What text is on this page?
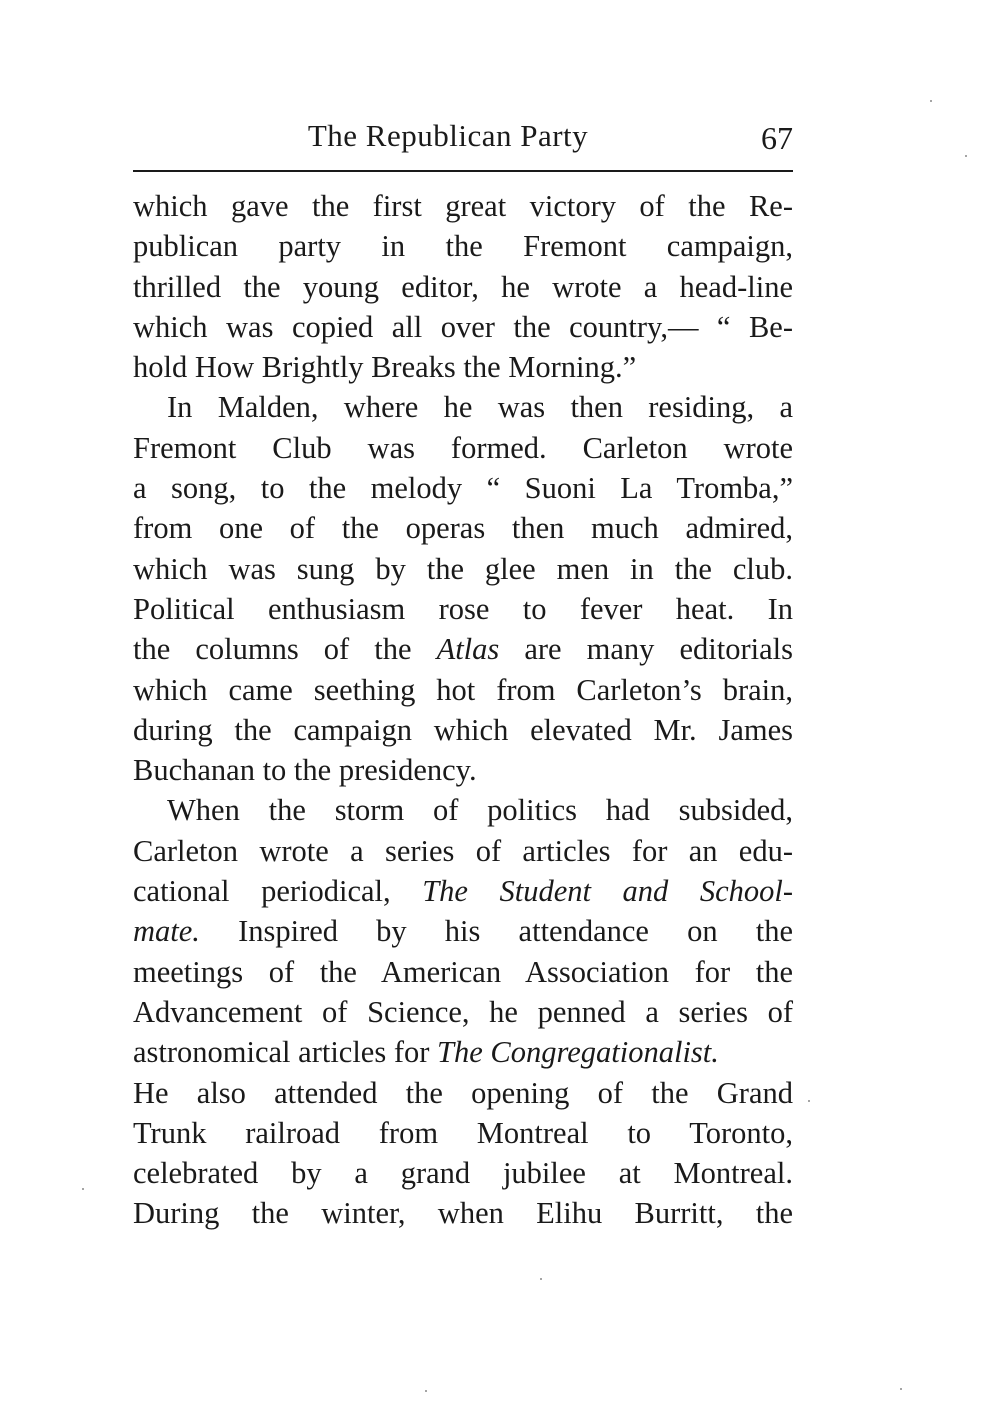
The Republican Party	67
which gave the first great victory of the Re-
publican party in the Fremont campaign,
thrilled the young editor, he wrote a head-line
which was copied all over the country,— “ Be-
hold How Brightly Breaks the Morning.”
In Malden, where he was then residing, a
Fremont Club was formed. Carleton wrote
a song, to the melody “ Suoni La Tromba,”
from one of the operas then much admired,
which was sung by the glee men in the club.
Political enthusiasm rose to fever heat. In
the columns of the Atlas are many editorials
which came seething hot from Carleton’s brain,
during the campaign which elevated Mr. James
Buchanan to the presidency.
When the storm of politics had subsided,
Carleton wrote a series of articles for an edu-
cational periodical, The Student and School-
mate. Inspired by his attendance on the
meetings of the American Association for the
Advancement of Science, he penned a series of
astronomical articles for The Congregationalist.
He also attended the opening of the Grand
Trunk railroad from Montreal to Toronto,
celebrated by a grand jubilee at Montreal.
During the winter, when Elihu Burritt, the
